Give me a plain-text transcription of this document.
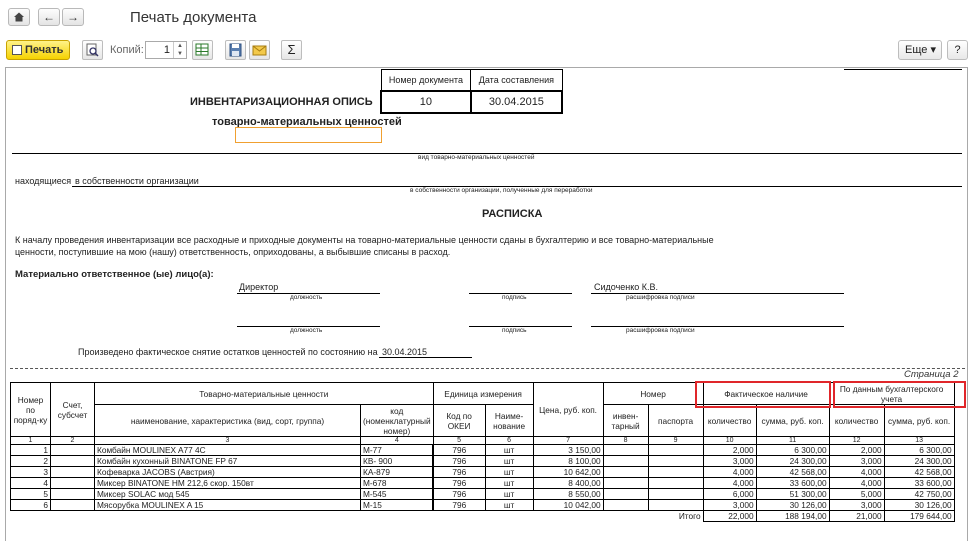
←	→	Печать документа
Печать	Копий:	1	▲
▼	Σ	Еще ▾	?
Номер документа	Дата составления
10	30.04.2015
ИНВЕНТАРИЗАЦИОННАЯ ОПИСЬ
товарно-материальных ценностей
вид товарно-материальных ценностей
находящиеся в собственности организации
в собственности организации, полученные для переработки
РАСПИСКА
К началу проведения инвентаризации все расходные и приходные документы на товарно-материальные ценности сданы в бухгалтерию и все товарно-материальные
ценности, поступившие на мою (нашу) ответственность, оприходованы, а выбывшие списаны в расход.
Материально ответственное (ые) лицо(а):
Директор	Сидоченко К.В.
должность	подпись	расшифровка подписи
должность	подпись	расшифровка подписи
Произведено фактическое снятие остатков ценностей по состоянию на 30.04.2015
Страница 2
Номер по поряд-ку	Счет, субсчет	Товарно-материальные ценности		Единица измерения		Цена, руб. коп.	Номер		Фактическое наличие		По данным бухгалтерского учета	
		наименование, характеристика (вид, сорт, группа)	код (номенклатурный номер)	Код по ОКЕИ	Наиме-нование		инвен-тарный	паспорта	количество	сумма, руб. коп.	количество	сумма, руб. коп.
1	2	3	4	5	6	7	8	9	10	11	12	13
1		Комбайн MOULINEX A77 4C	М-77	796	шт	3 150,00			2,000	6 300,00	2,000	6 300,00
2		Комбайн кухонный BINATONE FP 67	КВ- 900	796	шт	8 100,00			3,000	24 300,00	3,000	24 300,00
3		Кофеварка JACOBS (Австрия)	КА-879	796	шт	10 642,00			4,000	42 568,00	4,000	42 568,00
4		Миксер BINATONE HM 212,6 скор. 150вт	М-678	796	шт	8 400,00			4,000	33 600,00	4,000	33 600,00
5		Миксер SOLAC мод 545	М-545	796	шт	8 550,00			6,000	51 300,00	5,000	42 750,00
6		Мясорубка MOULINEX A 15	М-15	796	шт	10 042,00			3,000	30 126,00	3,000	30 126,00
Итого									22,000	188 194,00	21,000	179 644,00
